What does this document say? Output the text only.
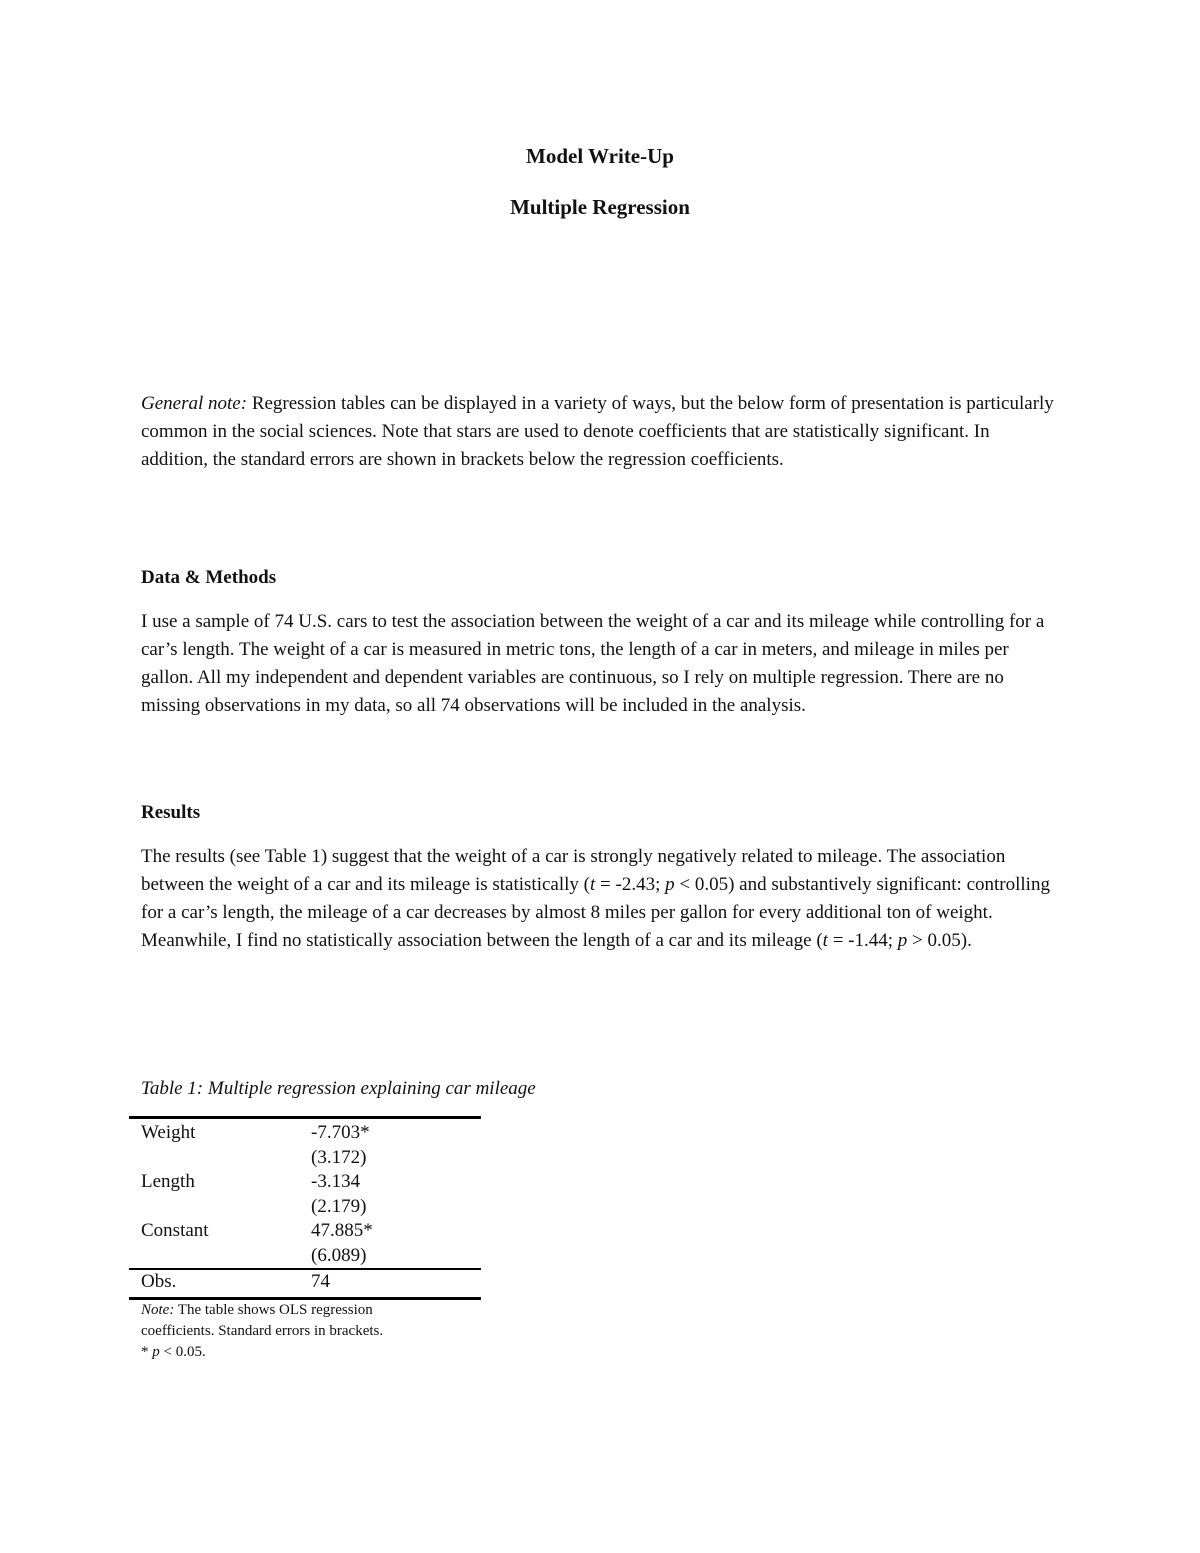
Model Write-Up
Multiple Regression

General note: Regression tables can be displayed in a variety of ways, but the below form of presentation is particularly common in the social sciences. Note that stars are used to denote coefficients that are statistically significant. In addition, the standard errors are shown in brackets below the regression coefficients.

Data & Methods

I use a sample of 74 U.S. cars to test the association between the weight of a car and its mileage while controlling for a car’s length. The weight of a car is measured in metric tons, the length of a car in meters, and mileage in miles per gallon. All my independent and dependent variables are continuous, so I rely on multiple regression. There are no missing observations in my data, so all 74 observations will be included in the analysis.

Results

The results (see Table 1) suggest that the weight of a car is strongly negatively related to mileage. The association between the weight of a car and its mileage is statistically (t = -2.43; p < 0.05) and substantively significant: controlling for a car’s length, the mileage of a car decreases by almost 8 miles per gallon for every additional ton of weight. Meanwhile, I find no statistically association between the length of a car and its mileage (t = -1.44; p > 0.05).

Table 1: Multiple regression explaining car mileage
Weight	-7.703*
	(3.172)
Length	-3.134
	(2.179)
Constant	47.885*
	(6.089)
Obs.	74
Note: The table shows OLS regression coefficients. Standard errors in brackets.
* p < 0.05.
